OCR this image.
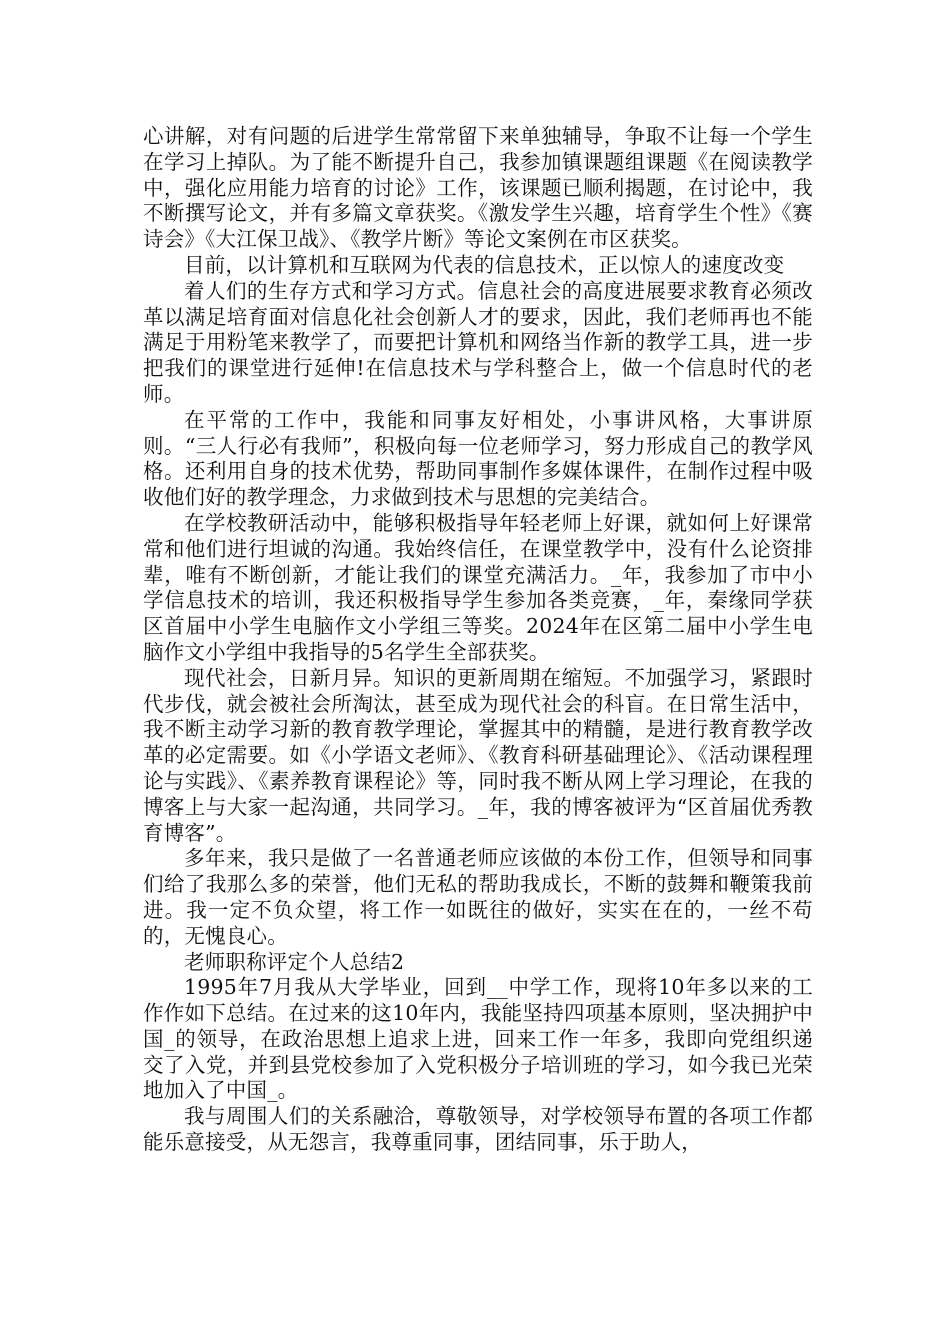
心讲解，对有问题的后进学生常常留下来单独辅导，争取不让每一个学生在学习上掉队。为了能不断提升自己，我参加镇课题组课题《在阅读教学中，强化应用能力培育的讨论》工作，该课题已顺利揭题，在讨论中，我不断撰写论文，并有多篇文章获奖。《激发学生兴趣，培育学生个性》《赛诗会》《大江保卫战》、《教学片断》等论文案例在市区获奖。

目前，以计算机和互联网为代表的信息技术，正以惊人的速度改变

着人们的生存方式和学习方式。信息社会的高度进展要求教育必须改革以满足培育面对信息化社会创新人才的要求，因此，我们老师再也不能满足于用粉笔来教学了，而要把计算机和网络当作新的教学工具，进一步把我们的课堂进行延伸!在信息技术与学科整合上，做一个信息时代的老师。

在平常的工作中，我能和同事友好相处，小事讲风格，大事讲原则。“三人行必有我师”，积极向每一位老师学习，努力形成自己的教学风格。还利用自身的技术优势，帮助同事制作多媒体课件，在制作过程中吸收他们好的教学理念，力求做到技术与思想的完美结合。

在学校教研活动中，能够积极指导年轻老师上好课，就如何上好课常常和他们进行坦诚的沟通。我始终信任，在课堂教学中，没有什么论资排辈，唯有不断创新，才能让我们的课堂充满活力。_年，我参加了市中小学信息技术的培训，我还积极指导学生参加各类竞赛，_年，秦缘同学获区首届中小学生电脑作文小学组三等奖。2024年在区第二届中小学生电脑作文小学组中我指导的5名学生全部获奖。

现代社会，日新月异。知识的更新周期在缩短。不加强学习，紧跟时代步伐，就会被社会所淘汰，甚至成为现代社会的科盲。在日常生活中，我不断主动学习新的教育教学理论，掌握其中的精髓，是进行教育教学改革的必定需要。如《小学语文老师》、《教育科研基础理论》、《活动课程理论与实践》、《素养教育课程论》等，同时我不断从网上学习理论，在我的博客上与大家一起沟通，共同学习。_年，我的博客被评为“区首届优秀教育博客”。

多年来，我只是做了一名普通老师应该做的本份工作，但领导和同事们给了我那么多的荣誉，他们无私的帮助我成长，不断的鼓舞和鞭策我前进。我一定不负众望，将工作一如既往的做好，实实在在的，一丝不苟的，无愧良心。

老师职称评定个人总结2

1995年7月我从大学毕业，回到__中学工作，现将10年多以来的工作作如下总结。在过来的这10年内，我能坚持四项基本原则，坚决拥护中国_的领导，在政治思想上追求上进，回来工作一年多，我即向党组织递交了入党，并到县党校参加了入党积极分子培训班的学习，如今我已光荣地加入了中国_。

我与周围人们的关系融洽，尊敬领导，对学校领导布置的各项工作都能乐意接受，从无怨言，我尊重同事，团结同事，乐于助人，
